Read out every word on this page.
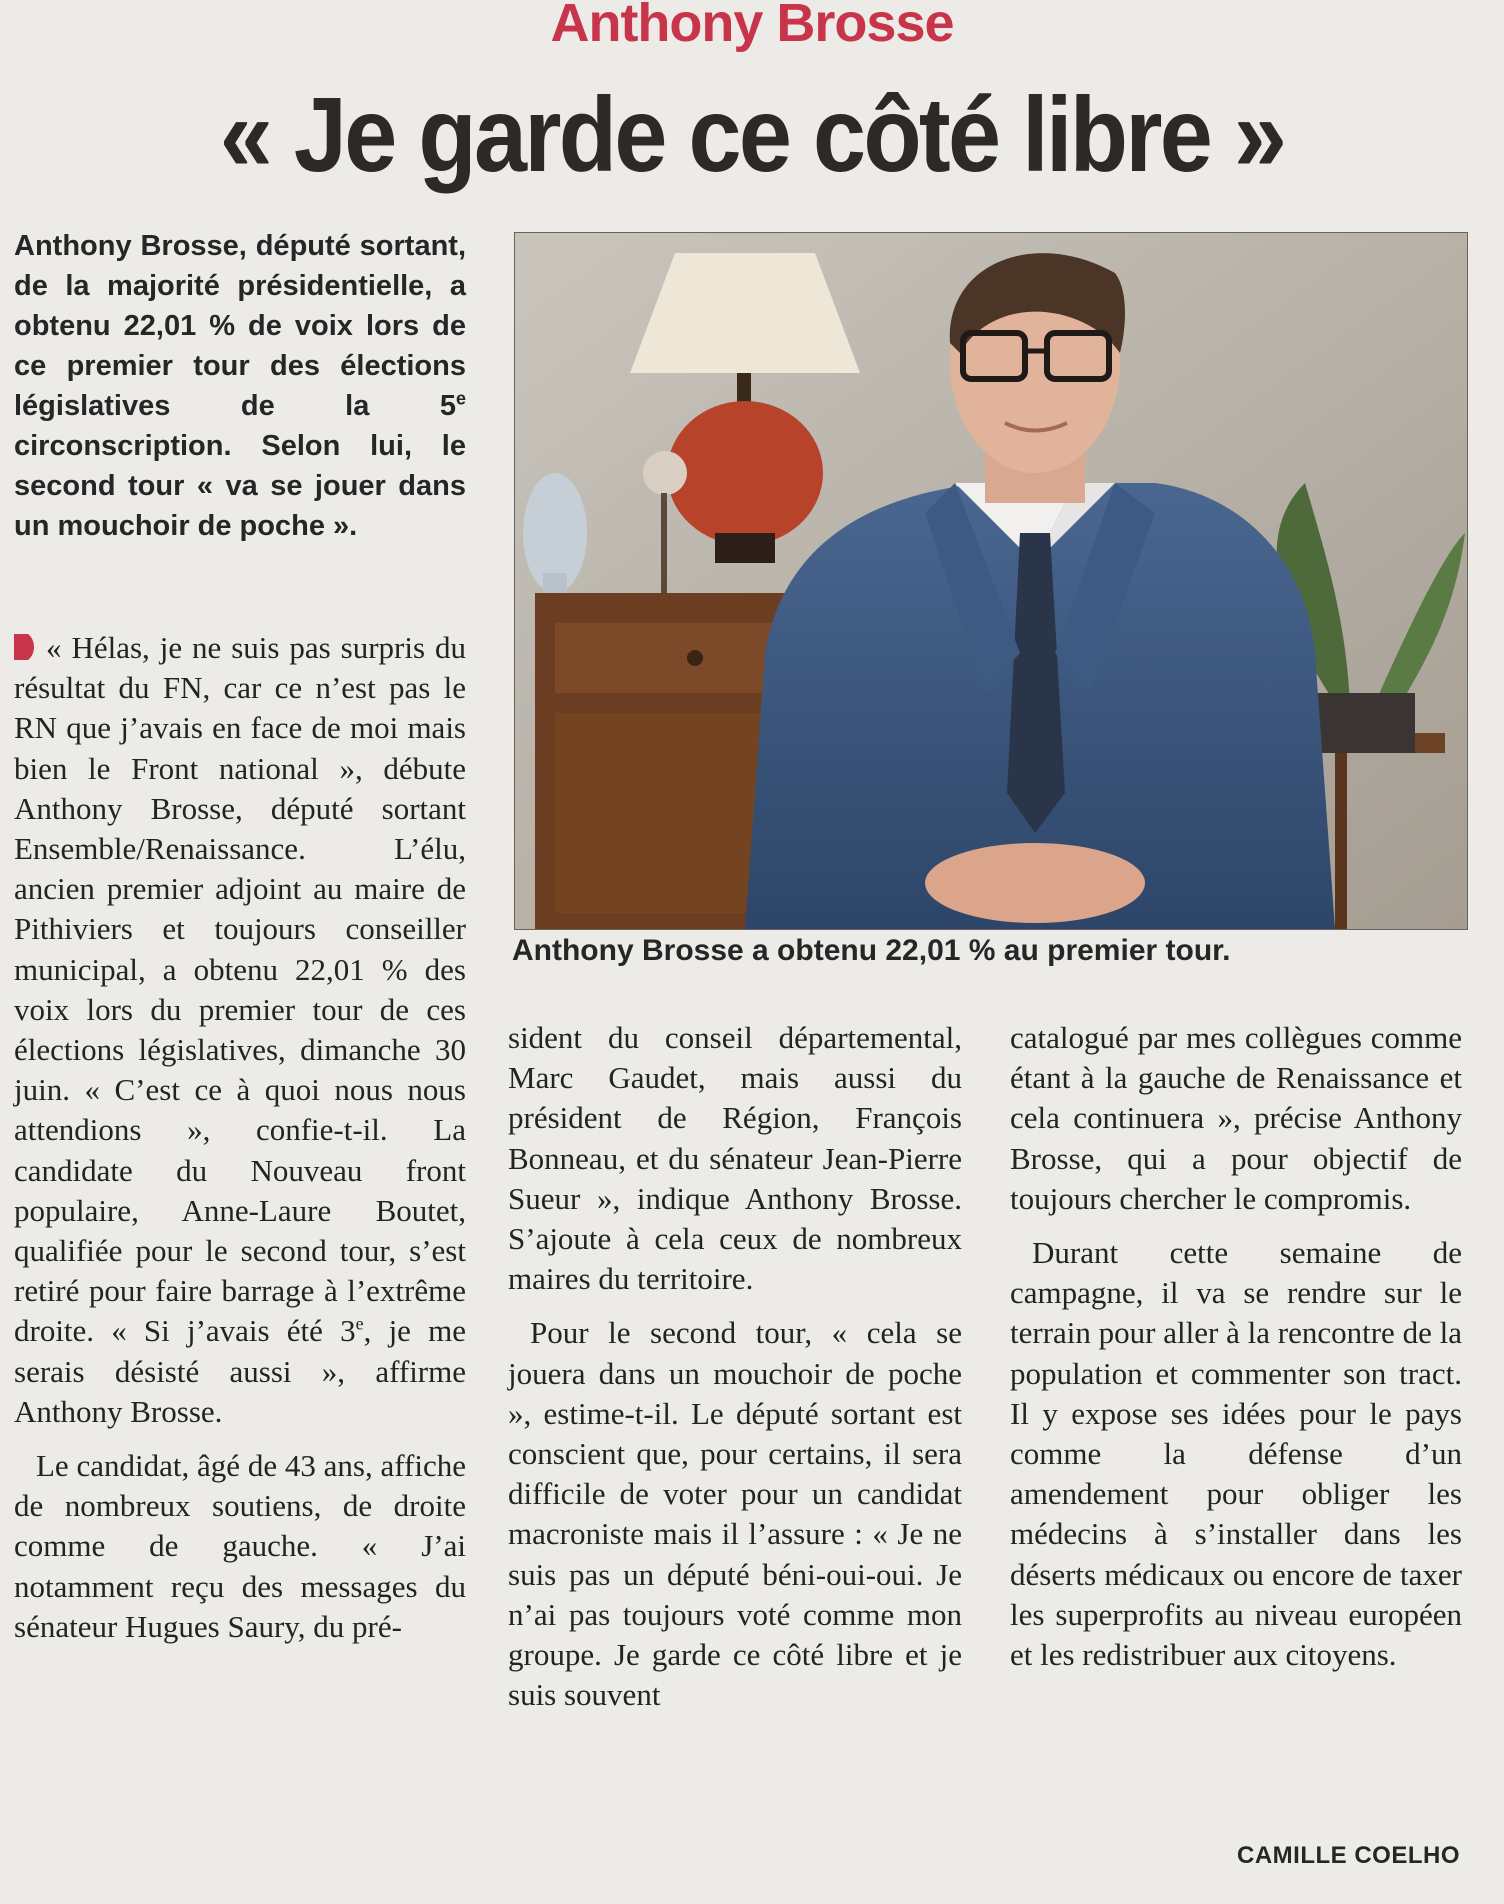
Anthony Brosse
« Je garde ce côté libre »
Anthony Brosse, député sortant, de la majorité présidentielle, a obtenu 22,01 % de voix lors de ce premier tour des élections législatives de la 5e circonscription. Selon lui, le second tour « va se jouer dans un mouchoir de poche ».
Anthony Brosse a obtenu 22,01 % au premier tour.

« Hélas, je ne suis pas surpris du résultat du FN, car ce n’est pas le RN que j’avais en face de moi mais bien le Front national », débute Anthony Brosse, député sortant Ensemble/Renaissance. L’élu, ancien premier adjoint au maire de Pithiviers et toujours conseiller municipal, a obtenu 22,01 % des voix lors du premier tour de ces élections législatives, dimanche 30 juin. « C’est ce à quoi nous nous attendions », confie-t-il. La candidate du Nouveau front populaire, Anne-Laure Boutet, qualifiée pour le second tour, s’est retiré pour faire barrage à l’extrême droite. « Si j’avais été 3e, je me serais désisté aussi », affirme Anthony Brosse.

Le candidat, âgé de 43 ans, affiche de nombreux soutiens, de droite comme de gauche. « J’ai notamment reçu des messages du sénateur Hugues Saury, du pré-

sident du conseil départemental, Marc Gaudet, mais aussi du président de Région, François Bonneau, et du sénateur Jean-Pierre Sueur », indique Anthony Brosse. S’ajoute à cela ceux de nombreux maires du territoire.

Pour le second tour, « cela se jouera dans un mouchoir de poche », estime-t-il. Le député sortant est conscient que, pour certains, il sera difficile de voter pour un candidat macroniste mais il l’assure : « Je ne suis pas un député béni-oui-oui. Je n’ai pas toujours voté comme mon groupe. Je garde ce côté libre et je suis souvent

catalogué par mes collègues comme étant à la gauche de Renaissance et cela continuera », précise Anthony Brosse, qui a pour objectif de toujours chercher le compromis.

Durant cette semaine de campagne, il va se rendre sur le terrain pour aller à la rencontre de la population et commenter son tract. Il y expose ses idées pour le pays comme la défense d’un amendement pour obliger les médecins à s’installer dans les déserts médicaux ou encore de taxer les superprofits au niveau européen et les redistribuer aux citoyens.

CAMILLE COELHO
